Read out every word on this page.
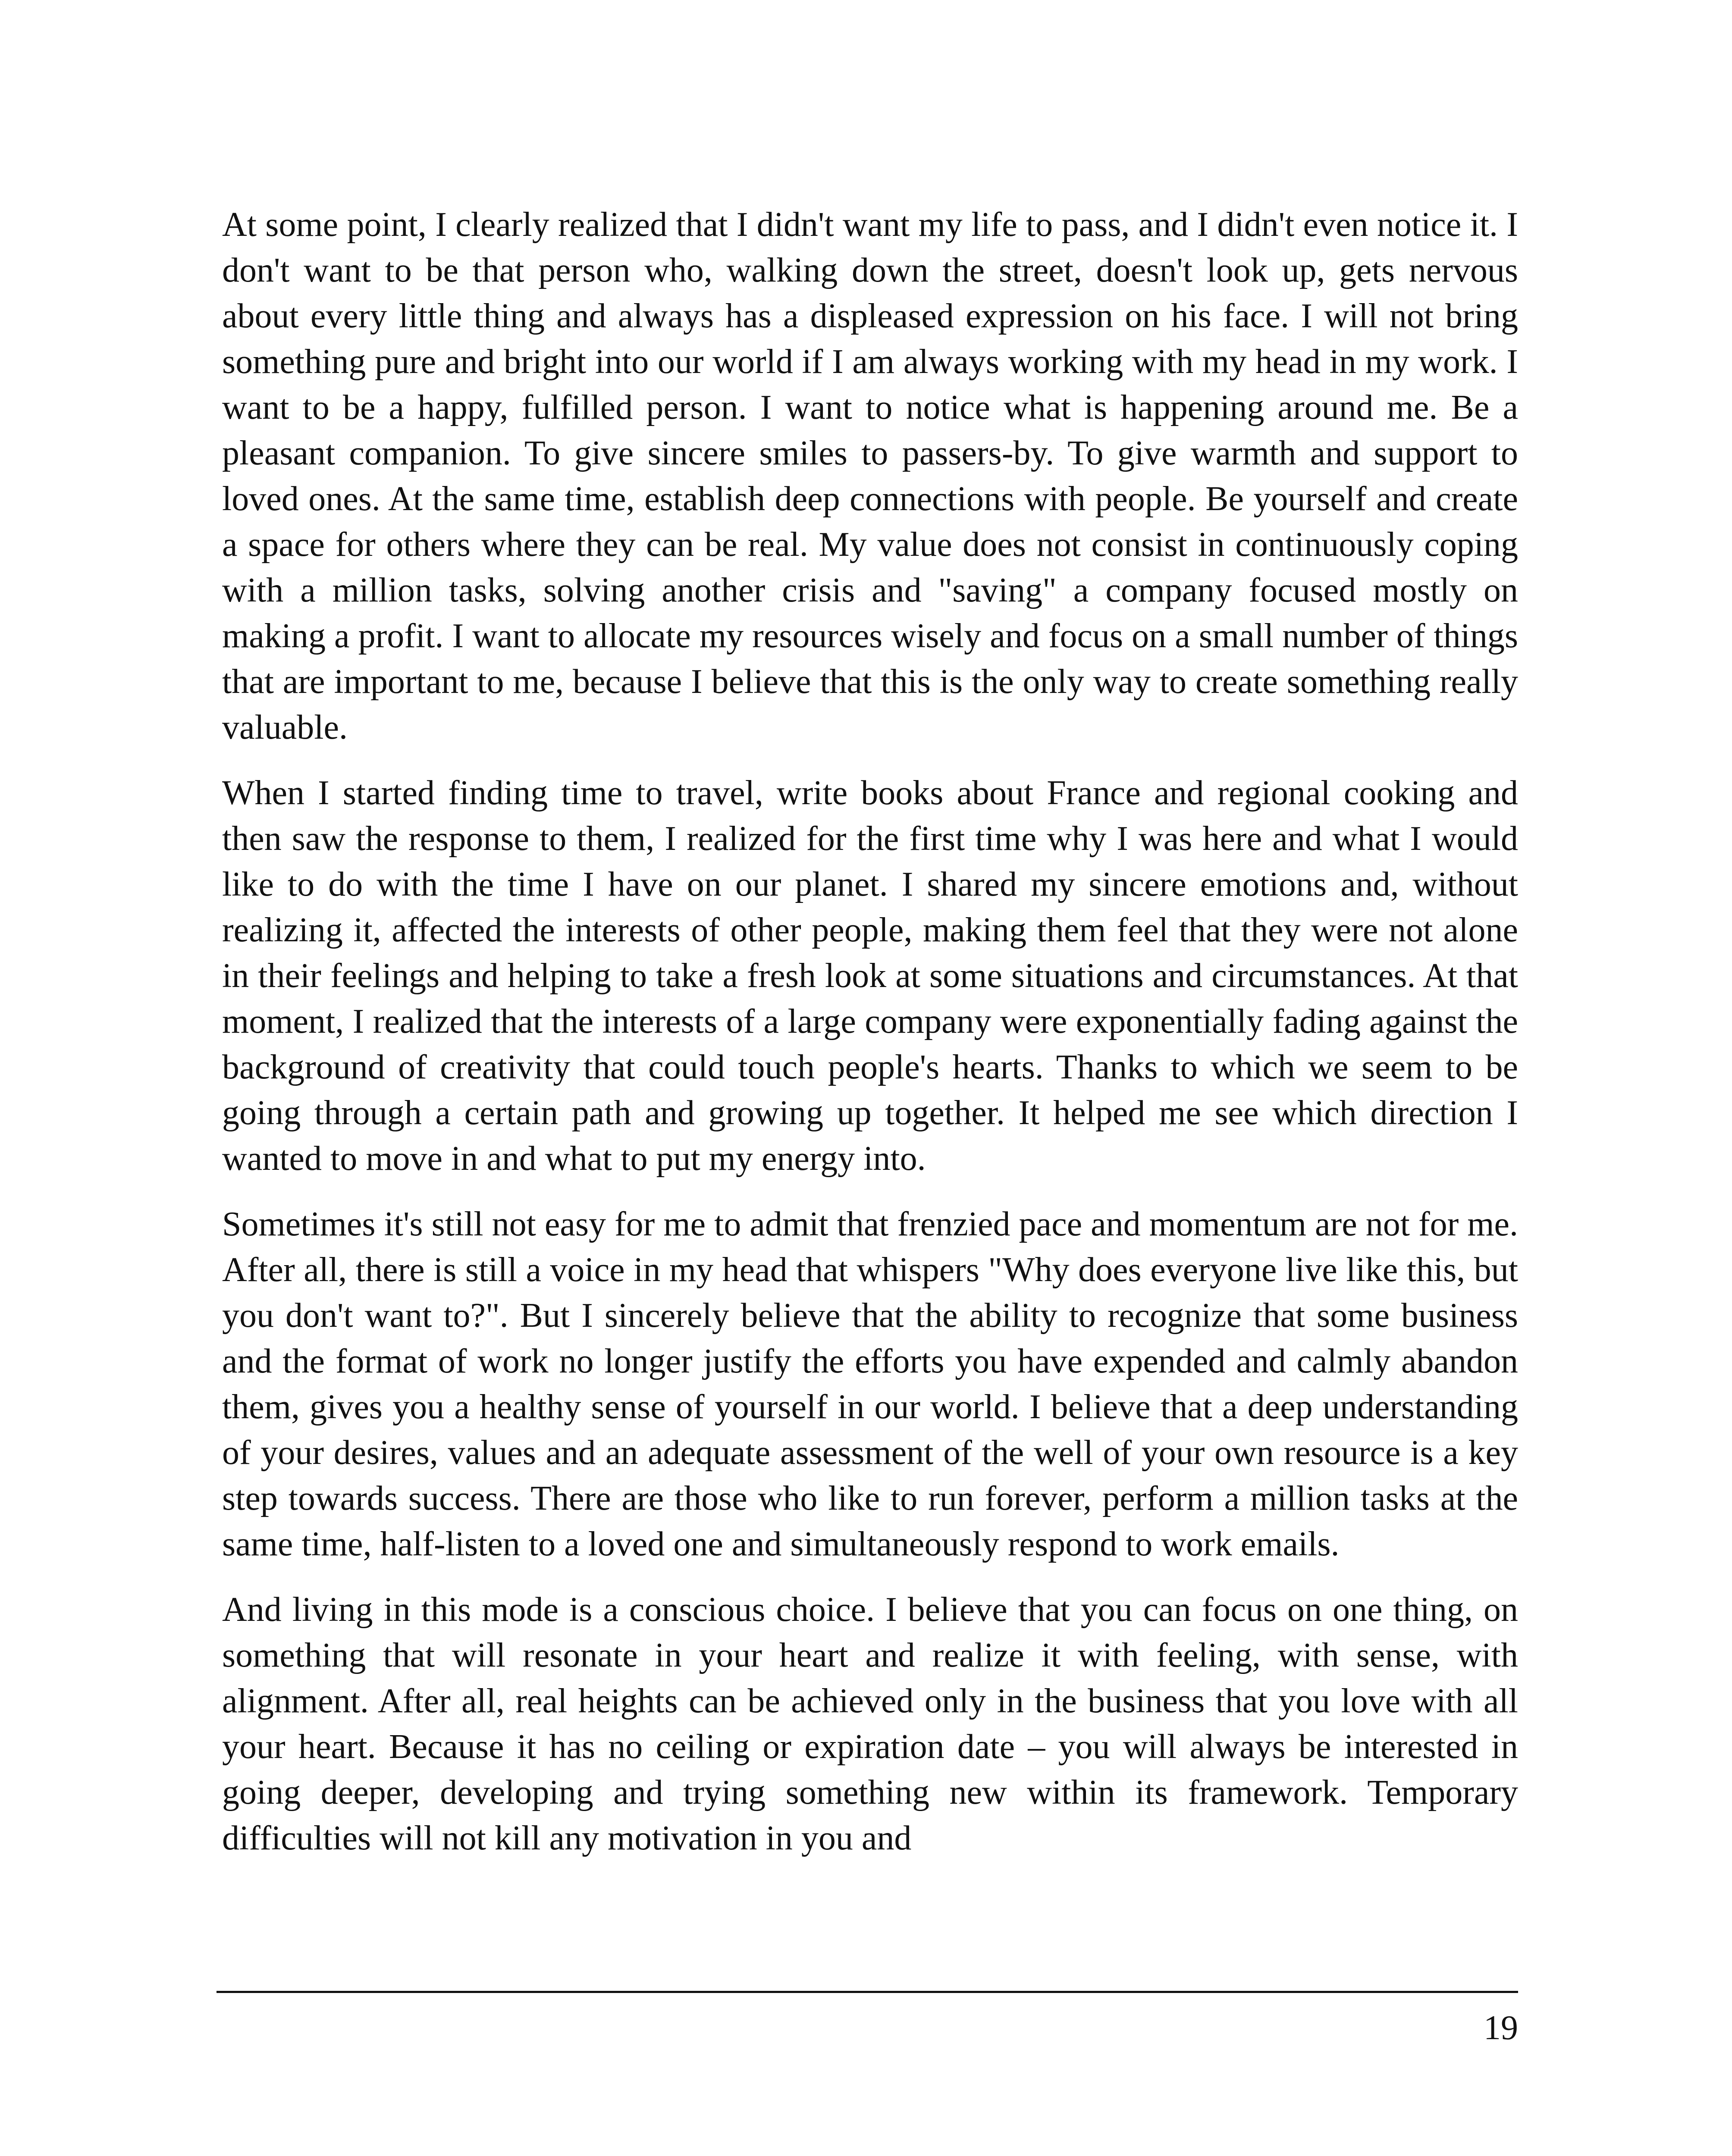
At some point, I clearly realized that I didn't want my life to pass, and I didn't even notice it. I don't want to be that person who, walking down the street, doesn't look up, gets nervous about every little thing and always has a displeased expression on his face. I will not bring something pure and bright into our world if I am always working with my head in my work. I want to be a happy, fulfilled person. I want to notice what is happening around me. Be a pleasant companion. To give sincere smiles to passers-by. To give warmth and support to loved ones. At the same time, establish deep connections with people. Be yourself and create a space for others where they can be real. My value does not consist in continuously coping with a million tasks, solving another crisis and "saving" a company focused mostly on making a profit. I want to allocate my resources wisely and focus on a small number of things that are important to me, because I believe that this is the only way to create something really valuable.

When I started finding time to travel, write books about France and regional cooking and then saw the response to them, I realized for the first time why I was here and what I would like to do with the time I have on our planet. I shared my sincere emotions and, without realizing it, affected the interests of other people, making them feel that they were not alone in their feelings and helping to take a fresh look at some situations and circumstances. At that moment, I realized that the interests of a large company were exponentially fading against the background of creativity that could touch people's hearts. Thanks to which we seem to be going through a certain path and growing up together. It helped me see which direction I wanted to move in and what to put my energy into.

Sometimes it's still not easy for me to admit that frenzied pace and momentum are not for me. After all, there is still a voice in my head that whispers "Why does everyone live like this, but you don't want to?". But I sincerely believe that the ability to recognize that some business and the format of work no longer justify the efforts you have expended and calmly abandon them, gives you a healthy sense of yourself in our world. I believe that a deep understanding of your desires, values and an adequate assessment of the well of your own resource is a key step towards success. There are those who like to run forever, perform a million tasks at the same time, half-listen to a loved one and simultaneously respond to work emails.

And living in this mode is a conscious choice. I believe that you can focus on one thing, on something that will resonate in your heart and realize it with feeling, with sense, with alignment. After all, real heights can be achieved only in the business that you love with all your heart. Because it has no ceiling or expiration date – you will always be interested in going deeper, developing and trying something new within its framework. Temporary difficulties will not kill any motivation in you and

19
